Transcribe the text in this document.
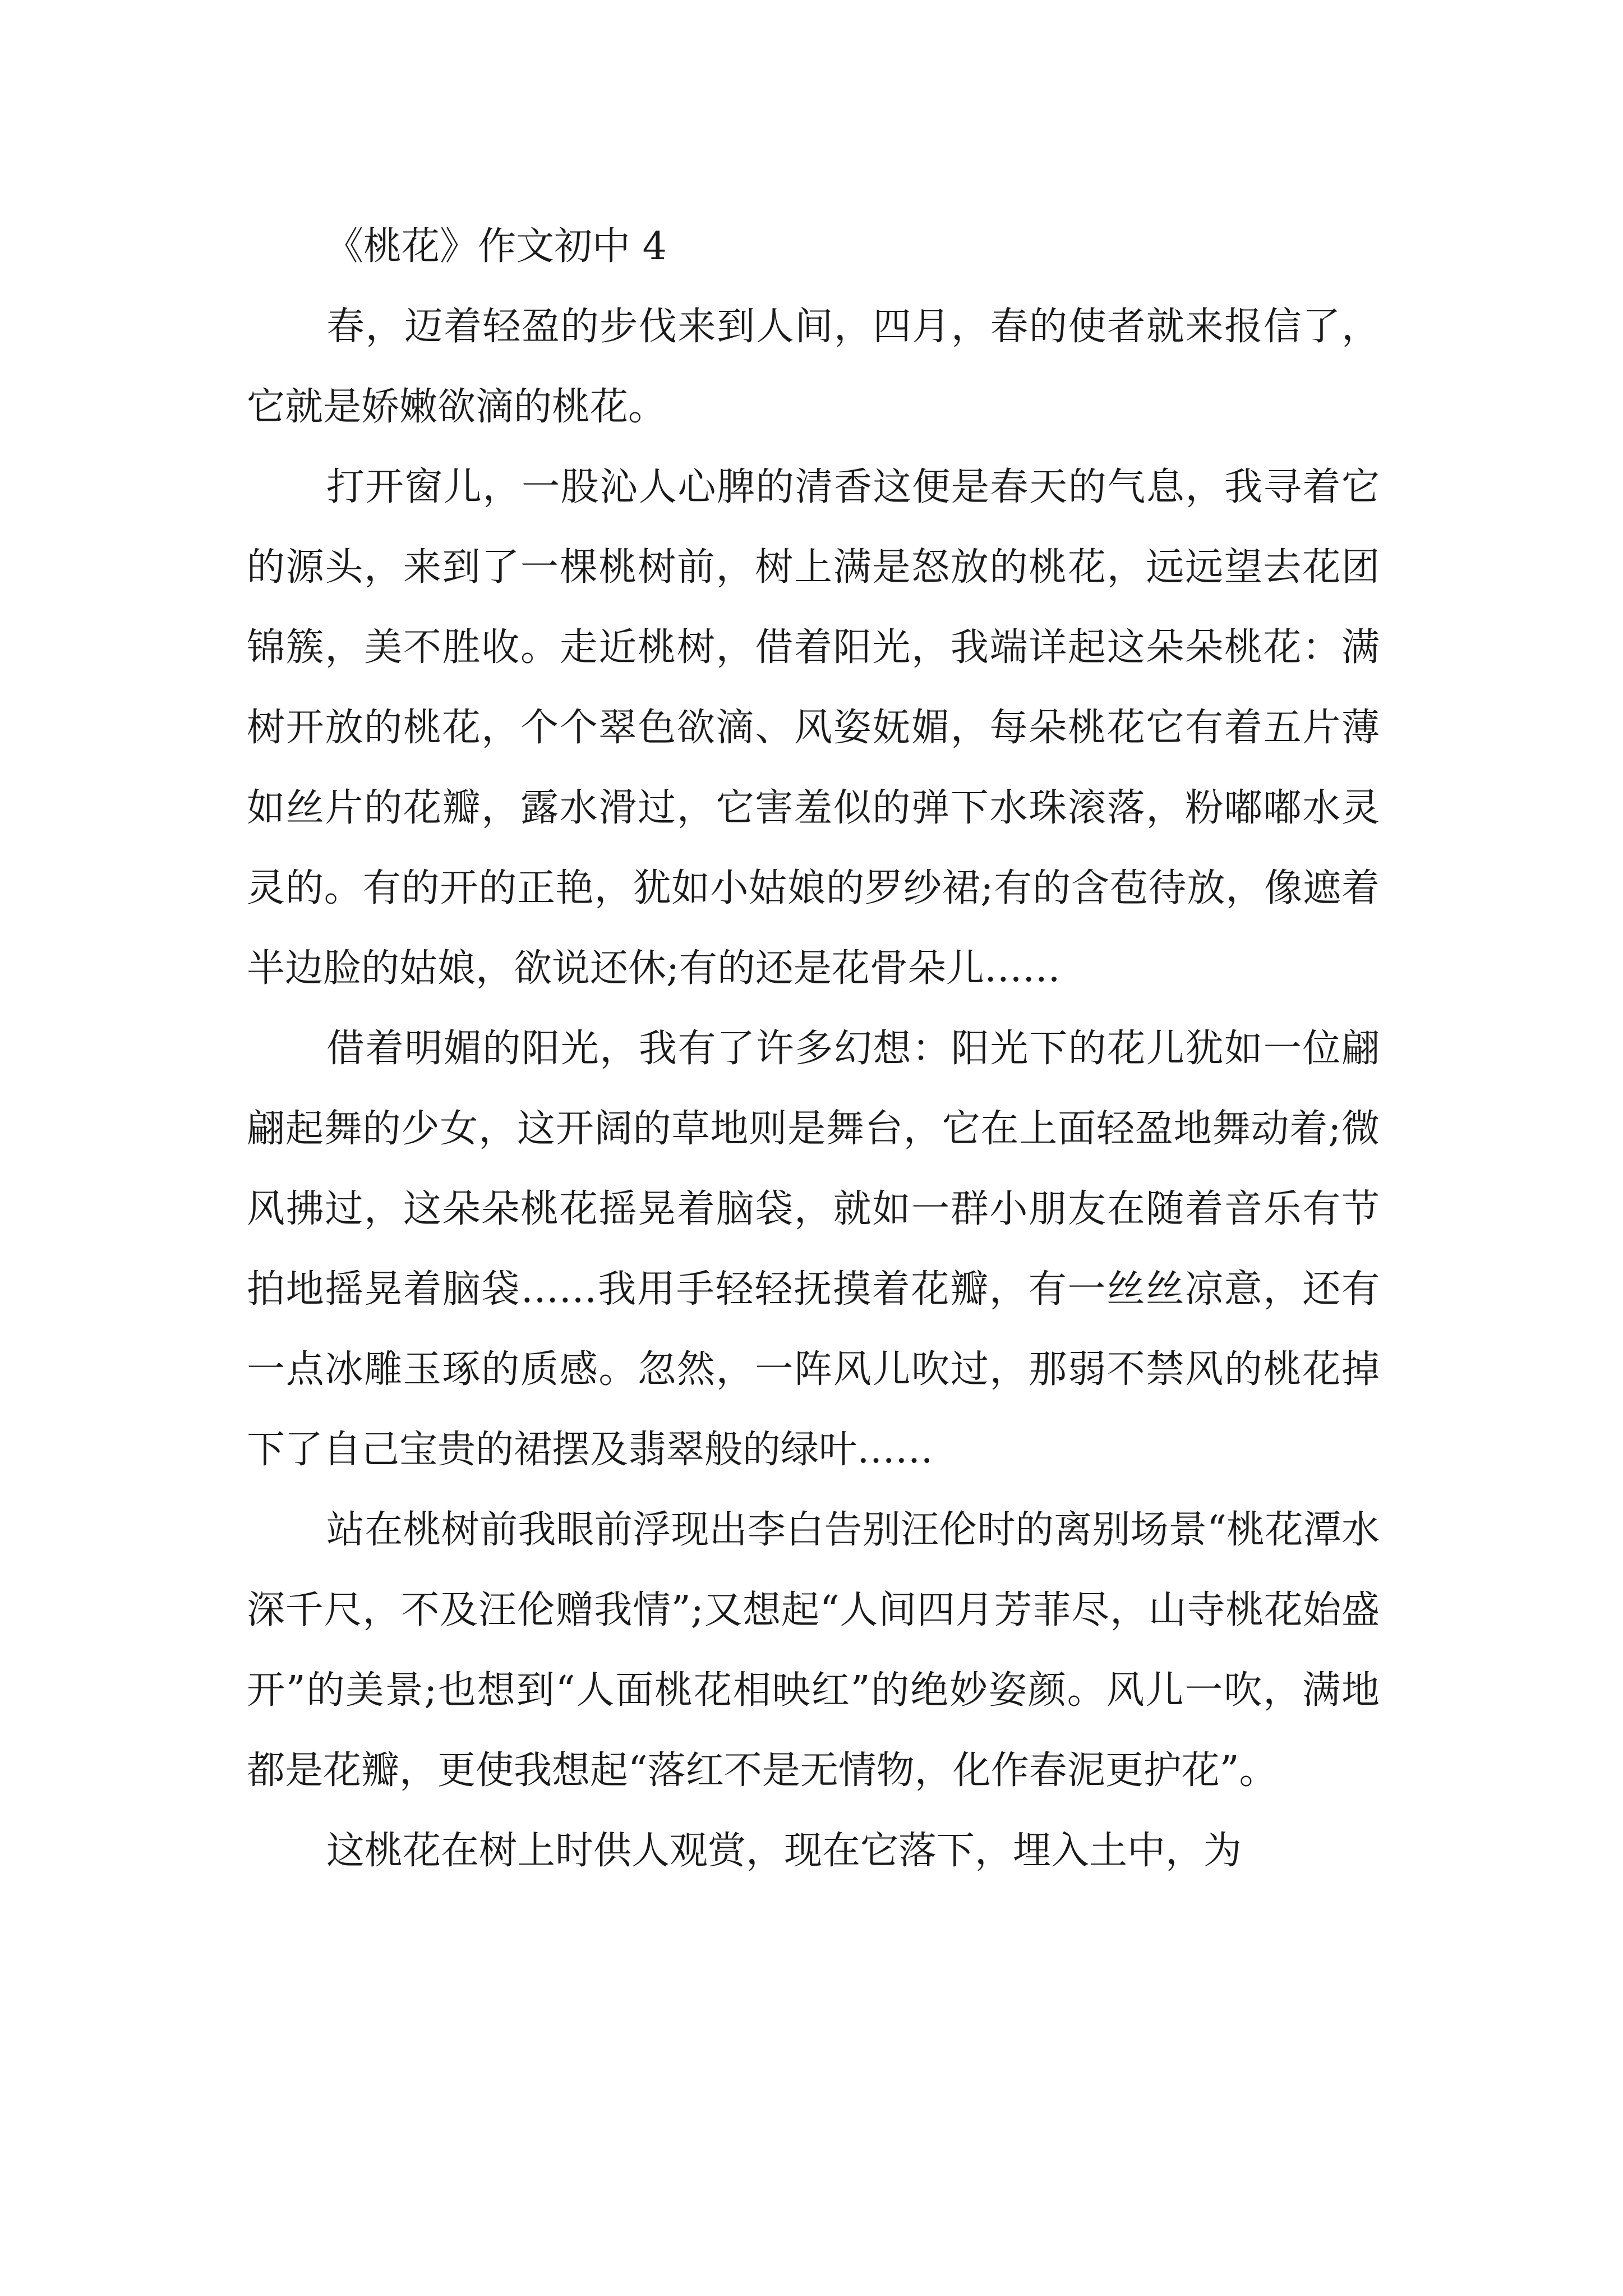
《桃花》作文初中 4

春，迈着轻盈的步伐来到人间，四月，春的使者就来报信了，它就是娇嫩欲滴的桃花。

打开窗儿，一股沁人心脾的清香这便是春天的气息，我寻着它的源头，来到了一棵桃树前，树上满是怒放的桃花，远远望去花团锦簇，美不胜收。走近桃树，借着阳光，我端详起这朵朵桃花：满树开放的桃花，个个翠色欲滴、风姿妩媚，每朵桃花它有着五片薄如丝片的花瓣，露水滑过，它害羞似的弹下水珠滚落，粉嘟嘟水灵灵的。有的开的正艳，犹如小姑娘的罗纱裙;有的含苞待放，像遮着半边脸的姑娘，欲说还休;有的还是花骨朵儿……

借着明媚的阳光，我有了许多幻想：阳光下的花儿犹如一位翩翩起舞的少女，这开阔的草地则是舞台，它在上面轻盈地舞动着;微风拂过，这朵朵桃花摇晃着脑袋，就如一群小朋友在随着音乐有节拍地摇晃着脑袋……我用手轻轻抚摸着花瓣，有一丝丝凉意，还有一点冰雕玉琢的质感。忽然，一阵风儿吹过，那弱不禁风的桃花掉下了自己宝贵的裙摆及翡翠般的绿叶……

站在桃树前我眼前浮现出李白告别汪伦时的离别场景“桃花潭水深千尺，不及汪伦赠我情”;又想起“人间四月芳菲尽，山寺桃花始盛开”的美景;也想到“人面桃花相映红”的绝妙姿颜。风儿一吹，满地都是花瓣，更使我想起“落红不是无情物，化作春泥更护花”。

这桃花在树上时供人观赏，现在它落下，埋入土中，为
